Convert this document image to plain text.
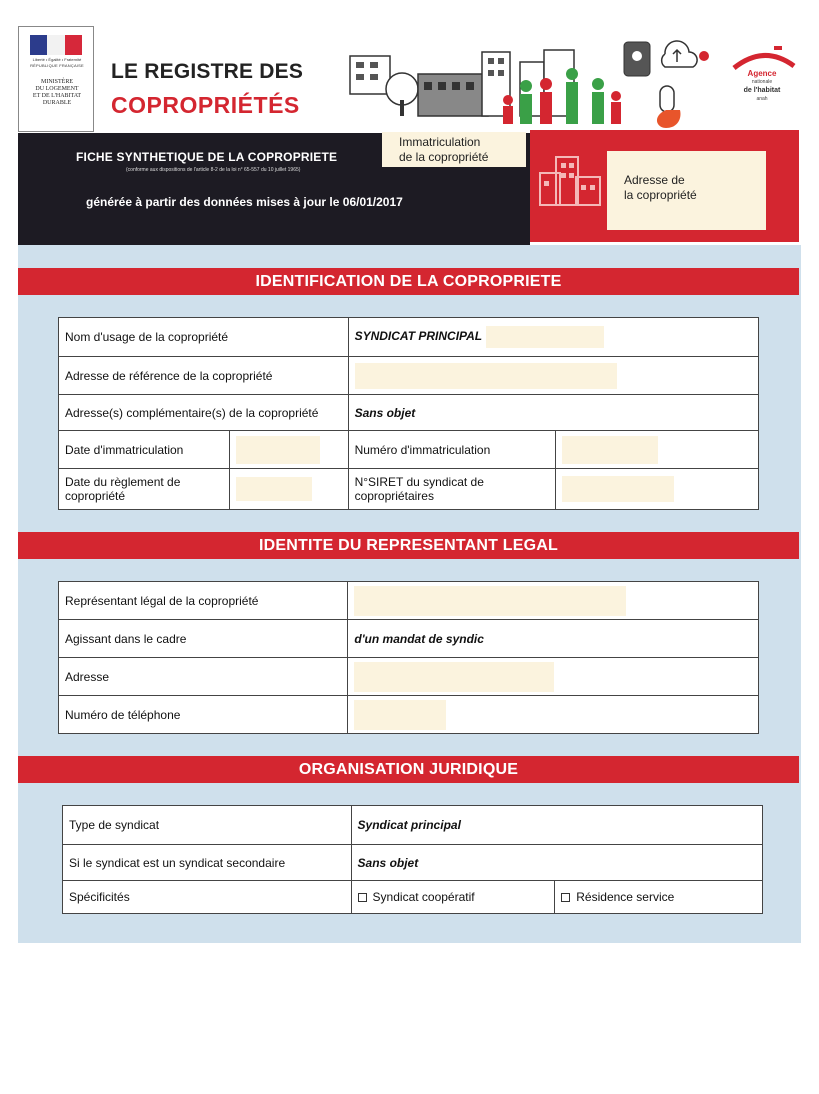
Liberté • Égalité • Fraternité
RÉPUBLIQUE FRANÇAISE
MINISTÈRE
DU LOGEMENT
ET DE L'HABITAT
DURABLE
LE REGISTRE DES
COPROPRIÉTÉS
Agence
nationale
de l'habitat
anah
FICHE SYNTHETIQUE DE LA COPROPRIETE
(conforme aux dispositions de l'article 8-2 de la loi n° 65-557 du 10 juillet 1965)
générée à partir des données mises à jour le 06/01/2017
Immatriculation
de la copropriété
Adresse de
la copropriété
IDENTIFICATION DE LA COPROPRIETE
Nom d'usage de la copropriété		SYNDICAT PRINCIPAL	
Adresse de référence de la copropriété			
Adresse(s) complémentaire(s) de la copropriété		Sans objet	
Date d'immatriculation		Numéro d'immatriculation	
Date du règlement de copropriété		N°SIRET du syndicat de copropriétaires	
IDENTITE DU REPRESENTANT LEGAL
Représentant légal de la copropriété	
Agissant dans le cadre	d'un mandat de syndic
Adresse	
Numéro de téléphone	
ORGANISATION JURIDIQUE
Type de syndicat	Syndicat principal	
Si le syndicat est un syndicat secondaire	Sans objet	
Spécificités	Syndicat coopératif	Résidence service
